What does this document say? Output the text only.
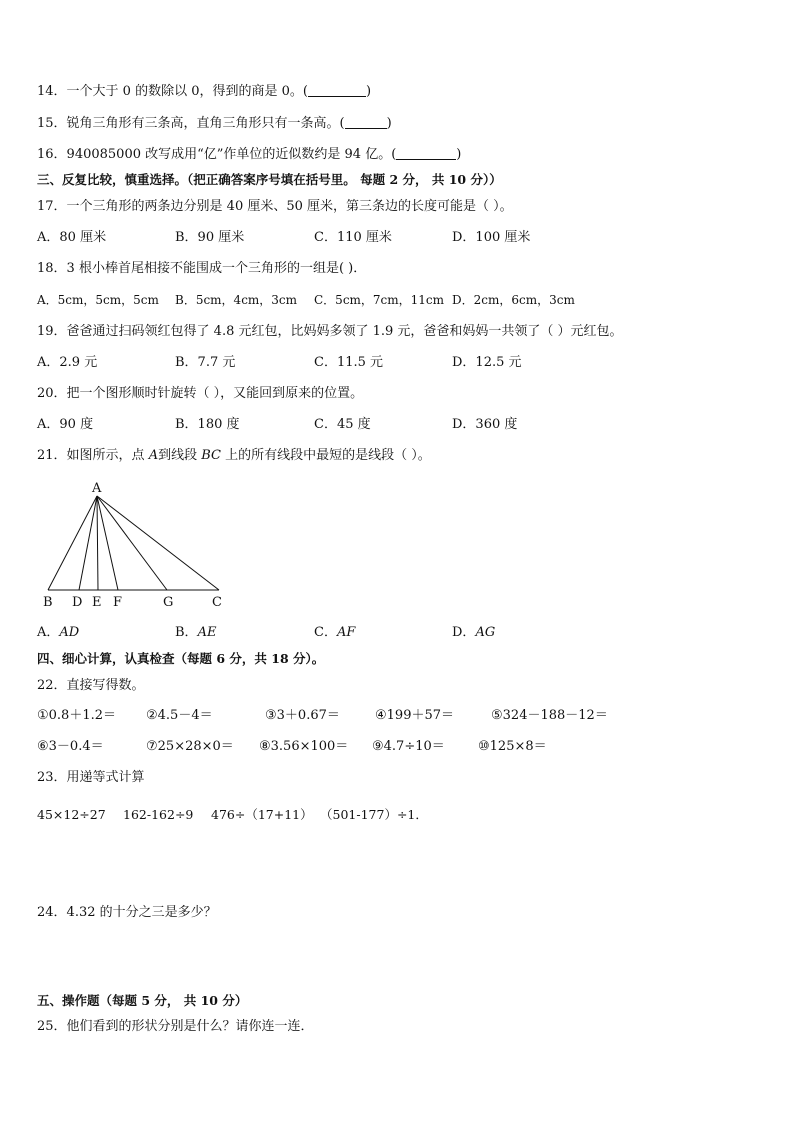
14．一个大于 0 的数除以 0，得到的商是 0。(	)
15．锐角三角形有三条高，直角三角形只有一条高。(	)
16．940085000 改写成用“亿”作单位的近似数约是 94 亿。(	)
三、反复比较，慎重选择。（把正确答案序号填在括号里。 每题 2 分， 共 10 分））
17．一个三角形的两条边分别是 40 厘米、50 厘米，第三条边的长度可能是（ ）。
A．80 厘米	B．90 厘米	C．110 厘米	D．100 厘米
18．3 根小棒首尾相接不能围成一个三角形的一组是( )．
A．5cm，5cm，5cm B．5cm，4cm，3cm C．5cm，7cm，11cm D．2cm，6cm，3cm
19．爸爸通过扫码领红包得了 4.8 元红包，比妈妈多领了 1.9 元，爸爸和妈妈一共领了（ ）元红包。
A．2.9 元	B．7.7 元	C．11.5 元	D．12.5 元
20．把一个图形顺时针旋转（ ），又能回到原来的位置。
A．90 度	B．180 度	C．45 度	D．360 度
21．如图所示，点 A到线段 BC 上的所有线段中最短的是线段（ ）。
A
B D E F	G	C
A．AD	B．AE	C．AF	D．AG
四、细心计算，认真检查（每题 6 分，共 18 分）。
22．直接写得数。
①0.8＋1.2＝ ②4.5－4＝	③3＋0.67＝	④199＋57＝	⑤324－188－12＝
⑥3－0.4＝	⑦25×28×0＝ ⑧3.56×100＝ ⑨4.7÷10＝	⑩125×8＝
23．用递等式计算
45×12÷27 162-162÷9 476÷（17+11） （501-177）÷1．
24．4.32 的十分之三是多少？
五、操作题（每题 5 分， 共 10 分）
25．他们看到的形状分别是什么？请你连一连．
